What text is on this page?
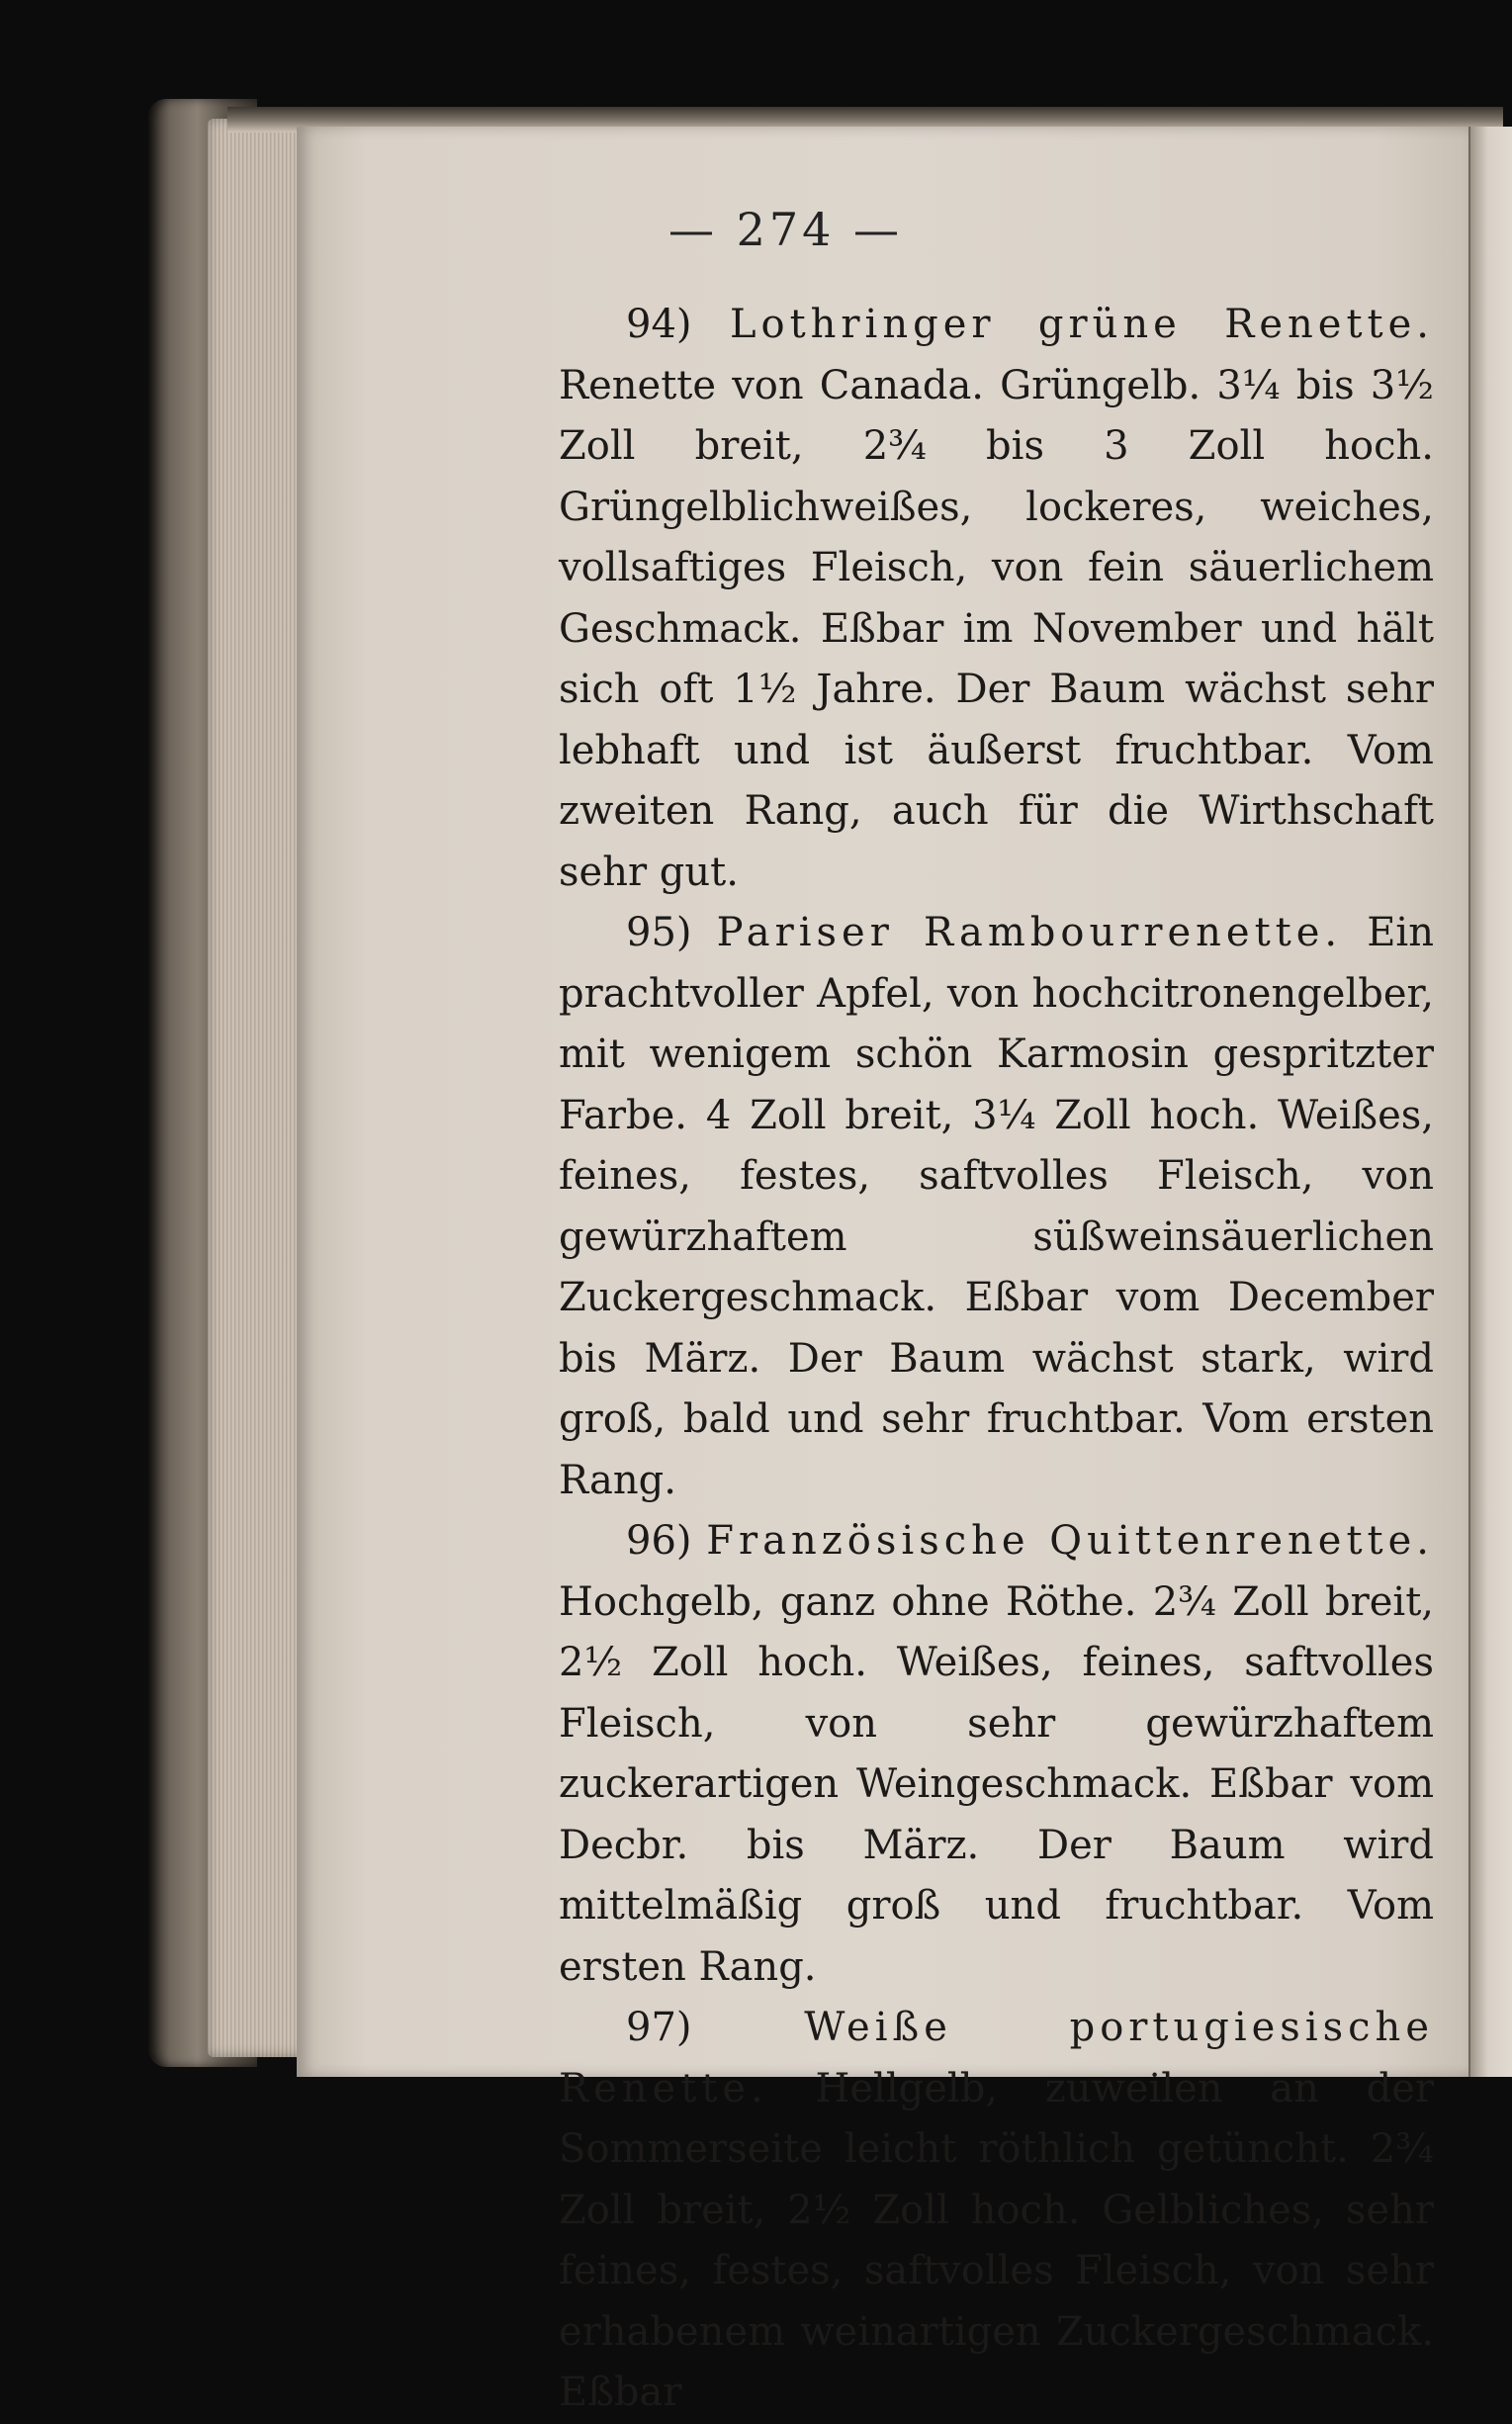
— 274 —

94) Lothringer grüne Renette. Renette von Canada. Grüngelb. 3¼ bis 3½ Zoll breit, 2¾ bis 3 Zoll hoch. Grüngelblichweißes, lockeres, weiches, vollsaftiges Fleisch, von fein säuerlichem Geschmack. Eßbar im November und hält sich oft 1½ Jahre. Der Baum wächst sehr lebhaft und ist äußerst fruchtbar. Vom zweiten Rang, auch für die Wirthschaft sehr gut.

95) Pariser Rambourrenette. Ein prachtvoller Apfel, von hochcitronengelber, mit wenigem schön Karmosin gespritzter Farbe. 4 Zoll breit, 3¼ Zoll hoch. Weißes, feines, festes, saftvolles Fleisch, von gewürzhaftem süßweinsäuerlichen Zuckergeschmack. Eßbar vom December bis März. Der Baum wächst stark, wird groß, bald und sehr fruchtbar. Vom ersten Rang.

96) Französische Quittenrenette. Hochgelb, ganz ohne Röthe. 2¾ Zoll breit, 2½ Zoll hoch. Weißes, feines, saftvolles Fleisch, von sehr gewürzhaftem zuckerartigen Weingeschmack. Eßbar vom Decbr. bis März. Der Baum wird mittelmäßig groß und fruchtbar. Vom ersten Rang.

97)	Weiße portugiesische Renette. Hellgelb, zuweilen an der Sommerseite leicht röthlich getüncht. 2¾ Zoll breit, 2½ Zoll hoch. Gelbliches, sehr feines, festes, saftvolles Fleisch, von sehr erhabenem weinartigen Zuckergeschmack. Eßbar
